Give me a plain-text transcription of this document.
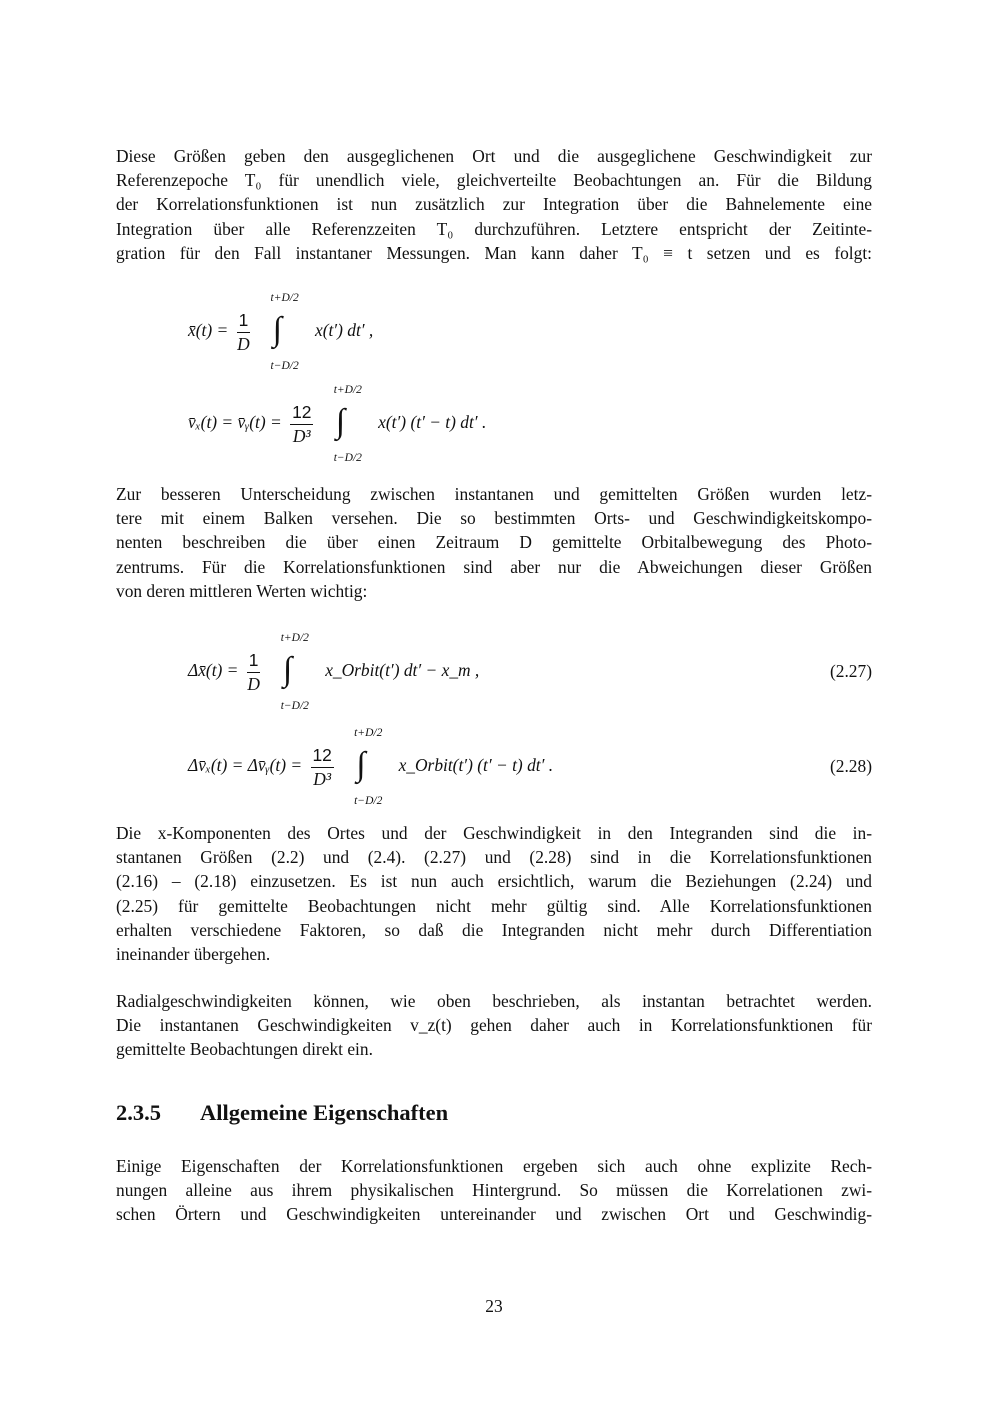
Diese Größen geben den ausgeglichenen Ort und die ausgeglichene Geschwindigkeit zur
Referenzepoche T₀ für unendlich viele, gleichverteilte Beobachtungen an. Für die Bildung
der Korrelationsfunktionen ist nun zusätzlich zur Integration über die Bahnelemente eine
Integration über alle Referenzzeiten T₀ durchzuführen. Letztere entspricht der Zeitinte-
gration für den Fall instantaner Messungen. Man kann daher T₀ ≡ t setzen und es folgt:
x̄(t) = $\frac{1}{D}$

t+D/2
∫
t−D/2
x(t′) dt′ ,
v̄ₓ(t) = v̄ᵧ(t) = $\frac{12}{\text{D³}}$

t+D/2
∫
t−D/2
x(t′) (t′ − t) dt′ .
Zur besseren Unterscheidung zwischen instantanen und gemittelten Größen wurden letz-
tere mit einem Balken versehen. Die so bestimmten Orts- und Geschwindigkeitskompo-
nenten beschreiben die über einen Zeitraum D gemittelte Orbitalbewegung des Photo-
zentrums. Für die Korrelationsfunktionen sind aber nur die Abweichungen dieser Größen
von deren mittleren Werten wichtig:
Δx̄(t) = $\frac{1}{D}$

t+D/2
∫
t−D/2
x_Orbit(t′) dt′ − x_m ,	(2.27)
Δv̄ₓ(t) = Δv̄ᵧ(t) = $\frac{12}{\text{D³}}$

t+D/2
∫
t−D/2
x_Orbit(t′) (t′ − t) dt′ .	(2.28)
Die x-Komponenten des Ortes und der Geschwindigkeit in den Integranden sind die in-
stantanen Größen (2.2) und (2.4). (2.27) und (2.28) sind in die Korrelationsfunktionen
(2.16) – (2.18) einzusetzen. Es ist nun auch ersichtlich, warum die Beziehungen (2.24) und
(2.25) für gemittelte Beobachtungen nicht mehr gültig sind. Alle Korrelationsfunktionen
erhalten verschiedene Faktoren, so daß die Integranden nicht mehr durch Differentiation
ineinander übergehen.
Radialgeschwindigkeiten können, wie oben beschrieben, als instantan betrachtet werden.
Die instantanen Geschwindigkeiten v_z(t) gehen daher auch in Korrelationsfunktionen für
gemittelte Beobachtungen direkt ein.
2.3.5 Allgemeine Eigenschaften
Einige Eigenschaften der Korrelationsfunktionen ergeben sich auch ohne explizite Rech-
nungen alleine aus ihrem physikalischen Hintergrund. So müssen die Korrelationen zwi-
schen Örtern und Geschwindigkeiten untereinander und zwischen Ort und Geschwindig-
23
